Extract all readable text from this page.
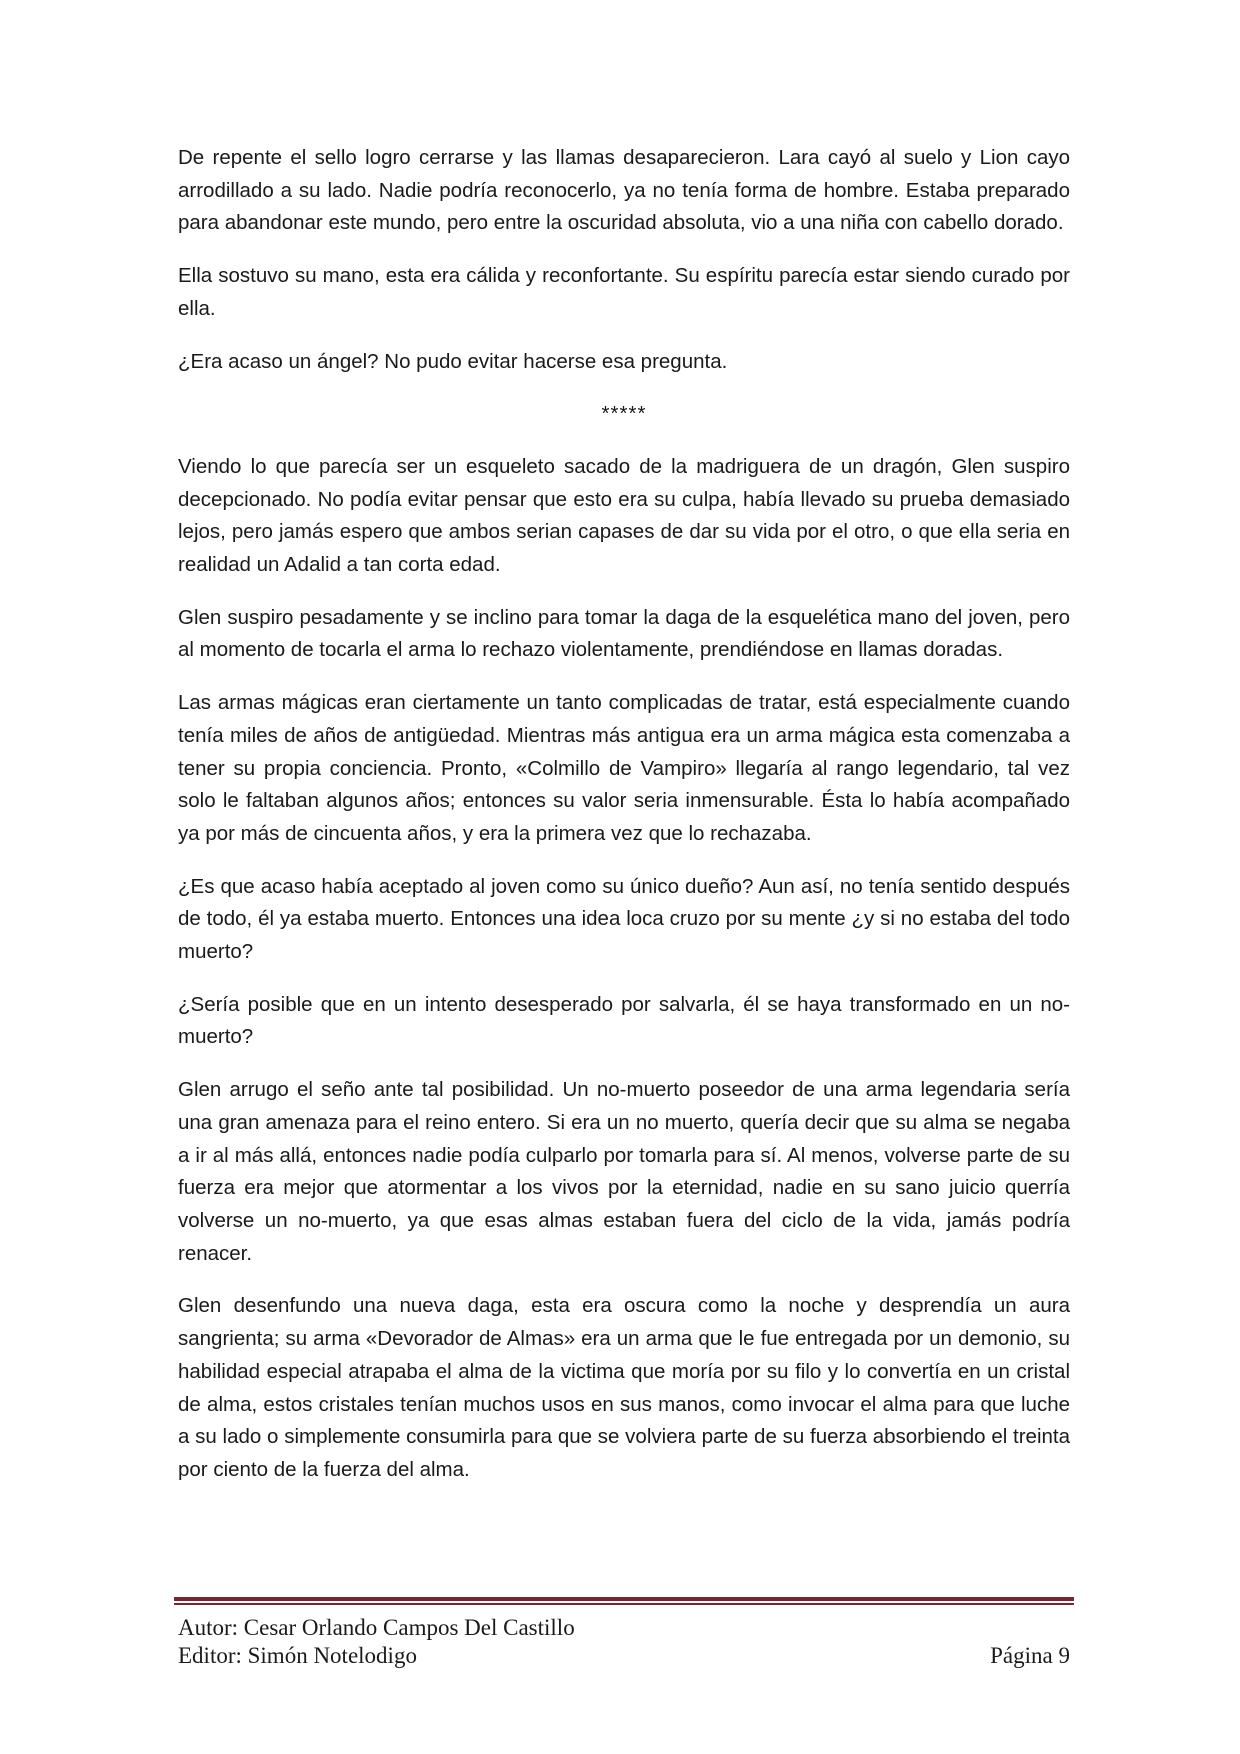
De repente el sello logro cerrarse y las llamas desaparecieron. Lara cayó al suelo y Lion cayo arrodillado a su lado. Nadie podría reconocerlo, ya no tenía forma de hombre. Estaba preparado para abandonar este mundo, pero entre la oscuridad absoluta, vio a una niña con cabello dorado.

Ella sostuvo su mano, esta era cálida y reconfortante. Su espíritu parecía estar siendo curado por ella.

¿Era acaso un ángel? No pudo evitar hacerse esa pregunta.

*****

Viendo lo que parecía ser un esqueleto sacado de la madriguera de un dragón, Glen suspiro decepcionado. No podía evitar pensar que esto era su culpa, había llevado su prueba demasiado lejos, pero jamás espero que ambos serian capases de dar su vida por el otro, o que ella seria en realidad un Adalid a tan corta edad.

Glen suspiro pesadamente y se inclino para tomar la daga de la esquelética mano del joven, pero al momento de tocarla el arma lo rechazo violentamente, prendiéndose en llamas doradas.

Las armas mágicas eran ciertamente un tanto complicadas de tratar, está especialmente cuando tenía miles de años de antigüedad. Mientras más antigua era un arma mágica esta comenzaba a tener su propia conciencia. Pronto, «Colmillo de Vampiro» llegaría al rango legendario, tal vez solo le faltaban algunos años; entonces su valor seria inmensurable. Ésta lo había acompañado ya por más de cincuenta años, y era la primera vez que lo rechazaba.

¿Es que acaso había aceptado al joven como su único dueño? Aun así, no tenía sentido después de todo, él ya estaba muerto. Entonces una idea loca cruzo por su mente ¿y si no estaba del todo muerto?

¿Sería posible que en un intento desesperado por salvarla, él se haya transformado en un no-muerto?

Glen arrugo el seño ante tal posibilidad. Un no-muerto poseedor de una arma legendaria sería una gran amenaza para el reino entero. Si era un no muerto, quería decir que su alma se negaba a ir al más allá, entonces nadie podía culparlo por tomarla para sí. Al menos, volverse parte de su fuerza era mejor que atormentar a los vivos por la eternidad, nadie en su sano juicio querría volverse un no-muerto, ya que esas almas estaban fuera del ciclo de la vida, jamás podría renacer.

Glen desenfundo una nueva daga, esta era oscura como la noche y desprendía un aura sangrienta; su arma «Devorador de Almas» era un arma que le fue entregada por un demonio, su habilidad especial atrapaba el alma de la victima que moría por su filo y lo convertía en un cristal de alma, estos cristales tenían muchos usos en sus manos, como invocar el alma para que luche a su lado o simplemente consumirla para que se volviera parte de su fuerza absorbiendo el treinta por ciento de la fuerza del alma.

Autor: Cesar Orlando Campos Del Castillo
Editor: Simón Notelodigo	Página 9
